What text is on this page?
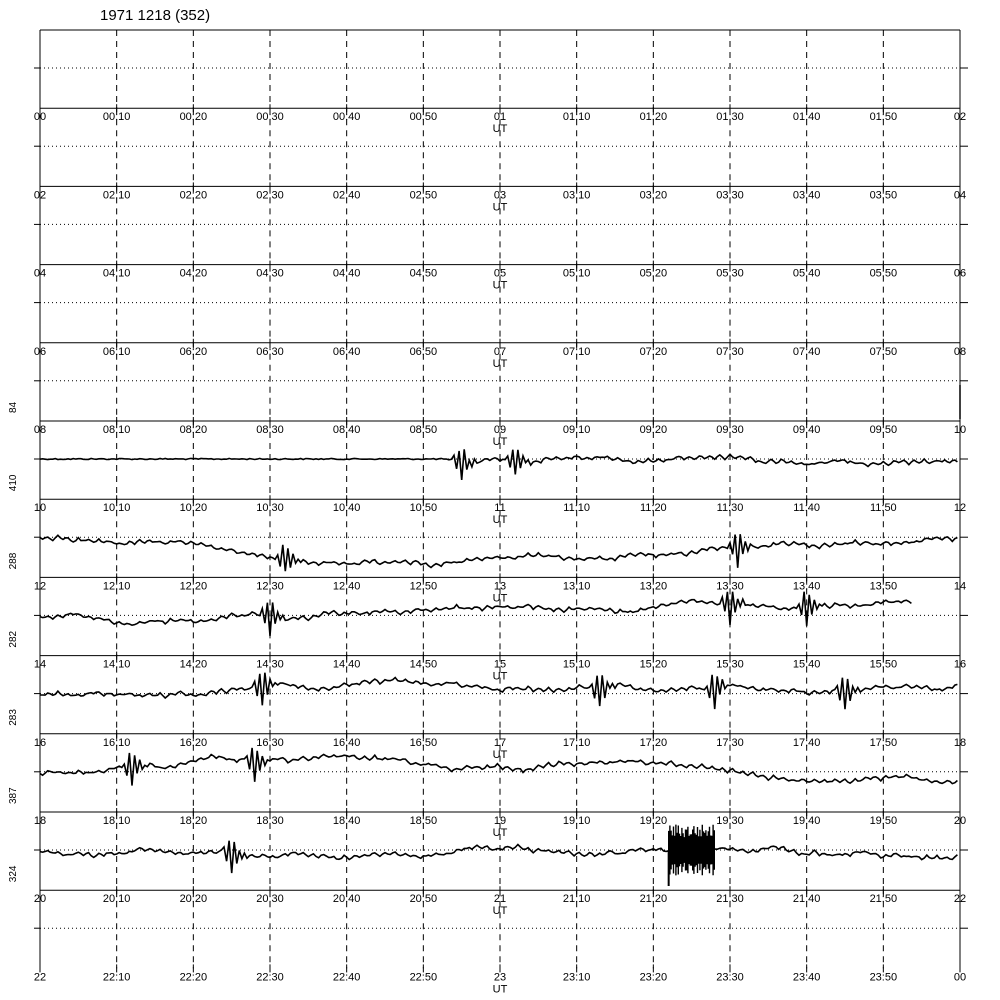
1971 1218 (352)
00	00:10	00:20	00:30	00:40	00:50	01	01:10	01:20	01:30	01:40	01:50	02
UT
02	02:10	02:20	02:30	02:40	02:50	03	03:10	03:20	03:30	03:40	03:50	04
UT
04	04:10	04:20	04:30	04:40	04:50	05	05:10	05:20	05:30	05:40	05:50	06
UT
06	06:10	06:20	06:30	06:40	06:50	07	07:10	07:20	07:30	07:40	07:50	08
UT
08	08:10	08:20	08:30	08:40	08:50	09	09:10	09:20	09:30	09:40	09:50	10
UT
84
10	10:10	10:20	10:30	10:40	10:50	11	11:10	11:20	11:30	11:40	11:50	12
UT
410
12	12:10	12:20	12:30	12:40	12:50	13	13:10	13:20	13:30	13:40	13:50	14
UT
288
14	14:10	14:20	14:30	14:40	14:50	15	15:10	15:20	15:30	15:40	15:50	16
UT
282
16	16:10	16:20	16:30	16:40	16:50	17	17:10	17:20	17:30	17:40	17:50	18
UT
283
18	18:10	18:20	18:30	18:40	18:50	19	19:10	19:20	19:30	19:40	19:50	20
UT
387
20	20:10	20:20	20:30	20:40	20:50	21	21:10	21:20	21:30	21:40	21:50	22
UT
324
22	22:10	22:20	22:30	22:40	22:50	23	23:10	23:20	23:30	23:40	23:50	00
UT
